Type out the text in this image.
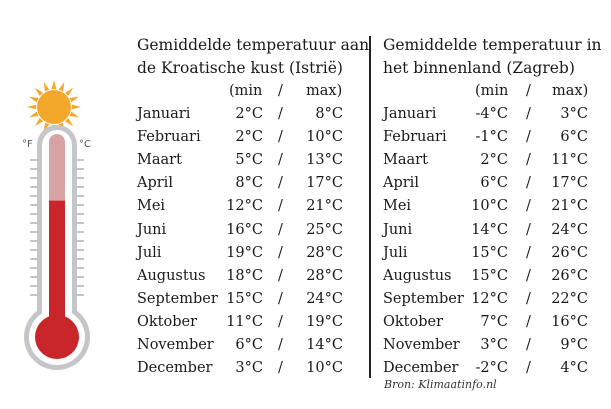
°F	°C
Gemiddelde temperatuur aan
de Kroatische kust (Istrië)
(min / max)
Januari	2°C / 8°C
Februari 2°C / 10°C
Maart	5°C / 13°C
April	8°C / 17°C
Mei	12°C / 21°C
Juni	16°C / 25°C
Juli	19°C / 28°C
Augustus 18°C / 28°C
September 15°C / 24°C
Oktober 11°C / 19°C
November 6°C / 14°C
December 3°C / 10°C
Gemiddelde temperatuur in
het binnenland (Zagreb)
(min / max)
Januari	-4°C / 3°C
Februari -1°C / 6°C
Maart	2°C / 11°C
April	6°C / 17°C
Mei	10°C / 21°C
Juni	14°C / 24°C
Juli	15°C / 26°C
Augustus 15°C / 26°C
September 12°C / 22°C
Oktober	7°C / 16°C
November 3°C / 9°C
December -2°C / 4°C
Bron: Klimaatinfo.nl
